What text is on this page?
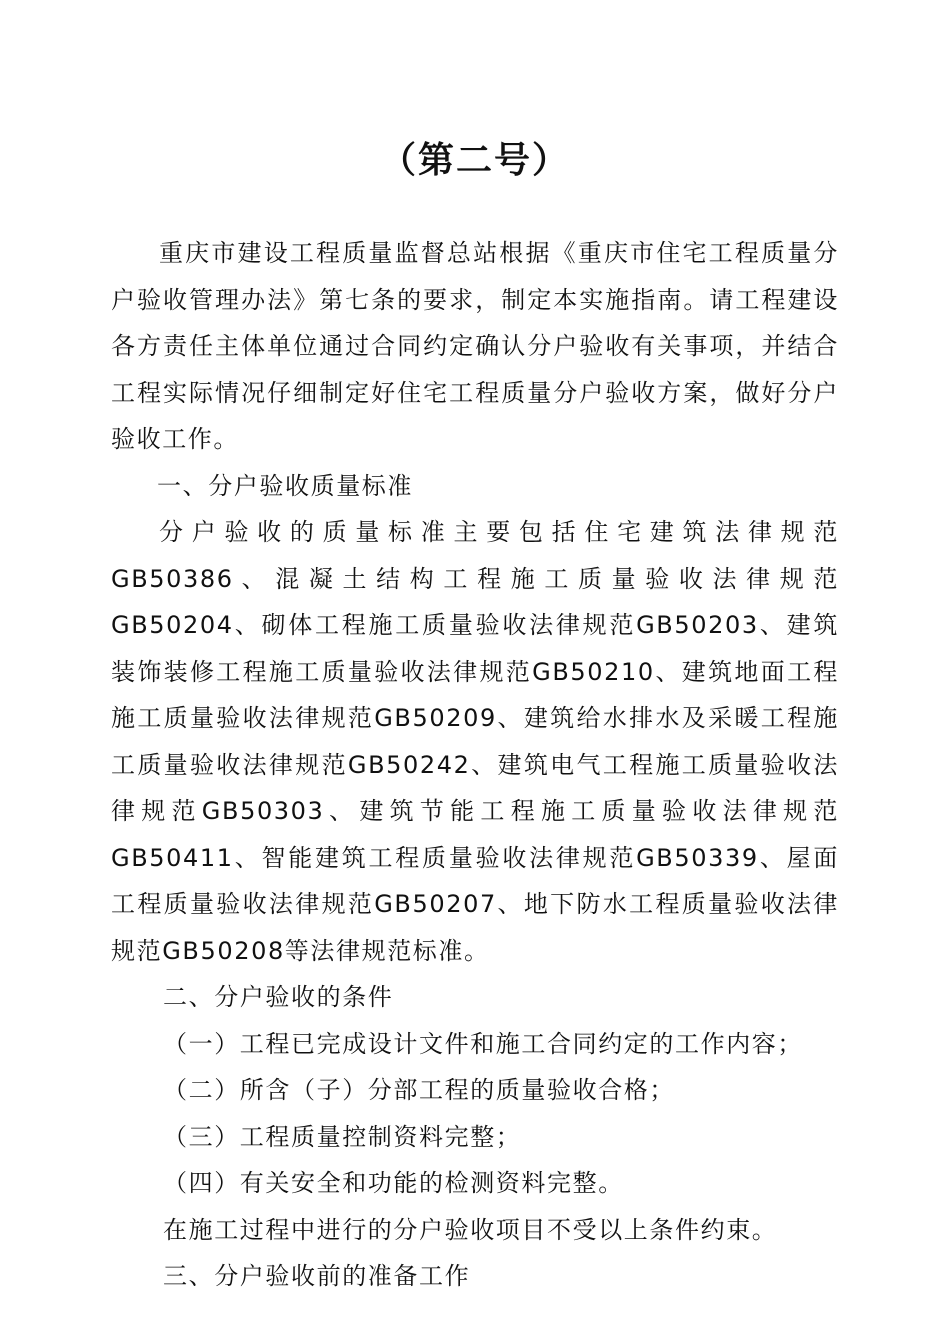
（第二号）

重庆市建设工程质量监督总站根据《重庆市住宅工程质量分户验收管理办法》第七条的要求，制定本实施指南。请工程建设各方责任主体单位通过合同约定确认分户验收有关事项，并结合工程实际情况仔细制定好住宅工程质量分户验收方案，做好分户验收工作。

一、分户验收质量标准

分户验收的质量标准主要包括住宅建筑法律规范GB50386、混凝土结构工程施工质量验收法律规范GB50204、砌体工程施工质量验收法律规范GB50203、建筑装饰装修工程施工质量验收法律规范GB50210、建筑地面工程施工质量验收法律规范GB50209、建筑给水排水及采暖工程施工质量验收法律规范GB50242、建筑电气工程施工质量验收法律规范GB50303、建筑节能工程施工质量验收法律规范GB50411、智能建筑工程质量验收法律规范GB50339、屋面工程质量验收法律规范GB50207、地下防水工程质量验收法律规范GB50208等法律规范标准。

二、分户验收的条件

（一）工程已完成设计文件和施工合同约定的工作内容；

（二）所含（子）分部工程的质量验收合格；

（三）工程质量控制资料完整；

（四）有关安全和功能的检测资料完整。

在施工过程中进行的分户验收项目不受以上条件约束。

三、分户验收前的准备工作
